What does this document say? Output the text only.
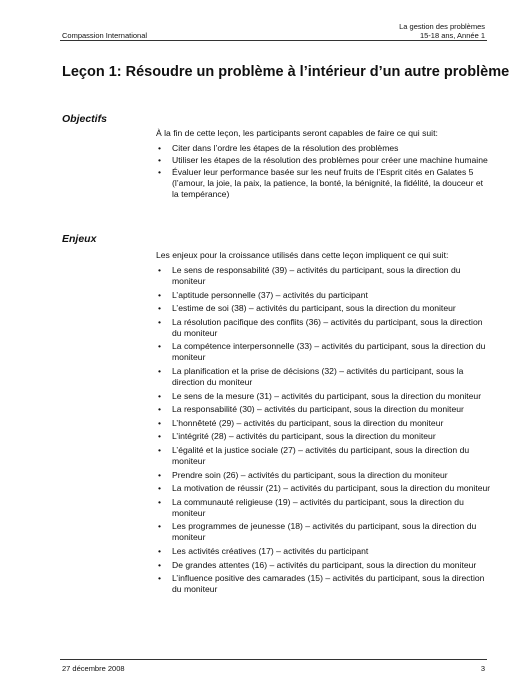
Compassion International
La gestion des problèmes
15-18 ans, Année 1
Leçon 1: Résoudre un problème à l’intérieur d’un autre problème
Objectifs

À la fin de cette leçon, les participants seront capables de faire ce qui suit:

• Citer dans l’ordre les étapes de la résolution des problèmes
• Utiliser les étapes de la résolution des problèmes pour créer une machine humaine
• Évaluer leur performance basée sur les neuf fruits de l’Esprit cités en Galates 5 (l’amour, la joie, la paix, la patience, la bonté, la bénignité, la fidélité, la douceur et la tempérance)
Enjeux

Les enjeux pour la croissance utilisés dans cette leçon impliquent ce qui suit:

• Le sens de responsabilité (39) – activités du participant, sous la direction du moniteur
• L’aptitude personnelle (37) – activités du participant
• L’estime de soi (38) – activités du participant, sous la direction du moniteur
• La résolution pacifique des conflits (36) – activités du participant, sous la direction du moniteur
• La compétence interpersonnelle (33) – activités du participant, sous la direction du moniteur
• La planification et la prise de décisions (32) – activités du participant, sous la direction du moniteur
• Le sens de la mesure (31) – activités du participant, sous la direction du moniteur
• La responsabilité (30) – activités du participant, sous la direction du moniteur
• L’honnêteté (29) – activités du participant, sous la direction du moniteur
• L’intégrité (28) – activités du participant, sous la direction du moniteur
• L’égalité et la justice sociale (27) – activités du participant, sous la direction du moniteur
• Prendre soin (26) – activités du participant, sous la direction du moniteur
• La motivation de réussir (21) – activités du participant, sous la direction du moniteur
• La communauté religieuse (19) – activités du participant, sous la direction du moniteur
• Les programmes de jeunesse (18) – activités du participant, sous la direction du moniteur
• Les activités créatives (17) – activités du participant
• De grandes attentes (16) – activités du participant, sous la direction du moniteur
• L’influence positive des camarades (15) – activités du participant, sous la direction du moniteur
27 décembre 2008	3
